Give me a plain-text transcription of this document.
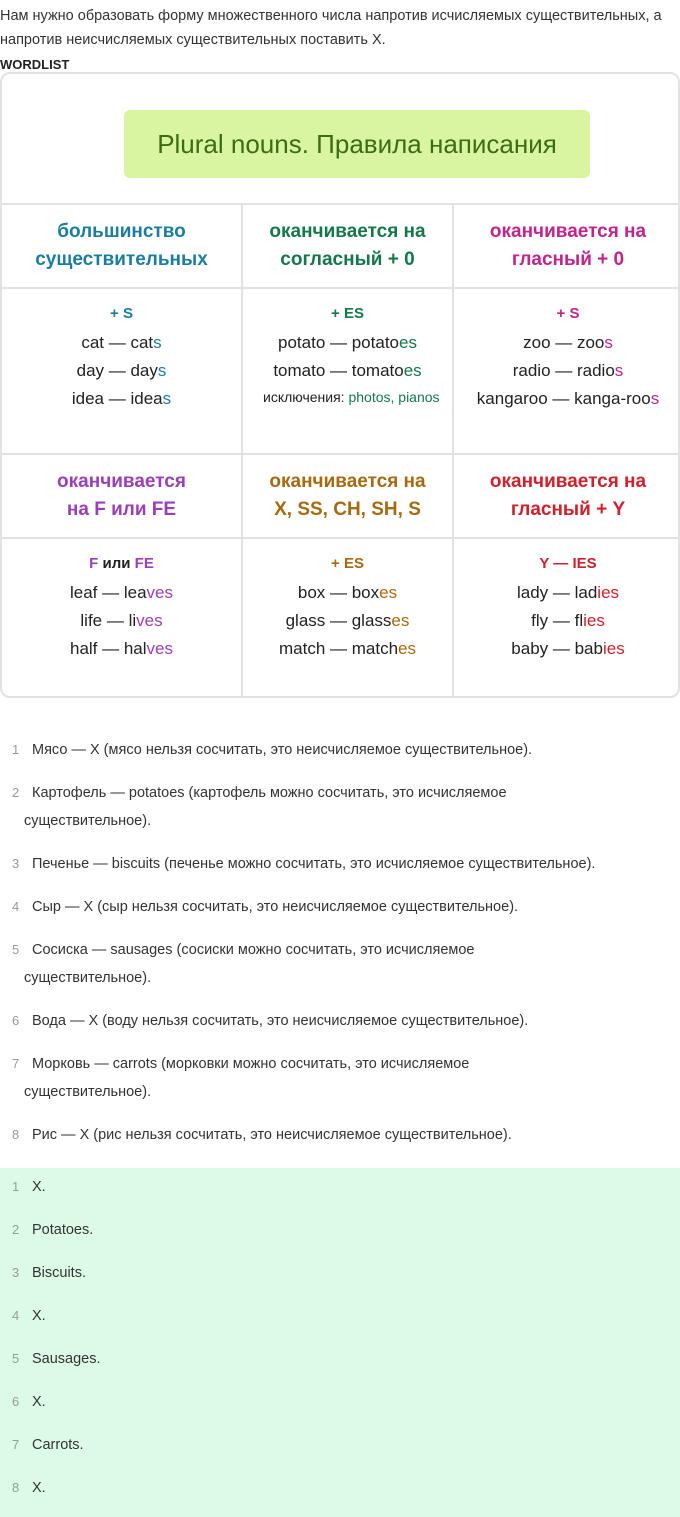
Нам нужно образовать форму множественного числа напротив исчисляемых существительных, а напротив неисчисляемых существительных поставить X.
WORDLIST
Plural nouns. Правила написания
большинство
существительных
оканчивается на
согласный + 0
оканчивается на
гласный + 0
+ S
cat — cats
day — days
idea — ideas
+ ES
potato — potatoes
tomato — tomatoes
исключения: photos, pianos
+ S
zoo — zoos
radio — radios
kangaroo — kanga-roos
оканчивается
на F или FE
оканчивается на
X, SS, CH, SH, S
оканчивается на
гласный + Y
F или FE
leaf — leaves
life — lives
half — halves
+ ES
box — boxes
glass — glasses
match — matches
Y — IES
lady — ladies
fly — flies
baby — babies
1 Мясо — X (мясо нельзя сосчитать, это неисчисляемое существительное).
2 Картофель — potatoes (картофель можно сосчитать, это исчисляемое
существительное).
3 Печенье — biscuits (печенье можно сосчитать, это исчисляемое существительное).
4 Сыр — X (сыр нельзя сосчитать, это неисчисляемое существительное).
5 Сосиска — sausages (сосиски можно сосчитать, это исчисляемое
существительное).
6 Вода — X (воду нельзя сосчитать, это неисчисляемое существительное).
7 Морковь — carrots (морковки можно сосчитать, это исчисляемое
существительное).
8 Рис — X (рис нельзя сосчитать, это неисчисляемое существительное).
1 X.
2 Potatoes.
3 Biscuits.
4 X.
5 Sausages.
6 X.
7 Carrots.
8 X.
